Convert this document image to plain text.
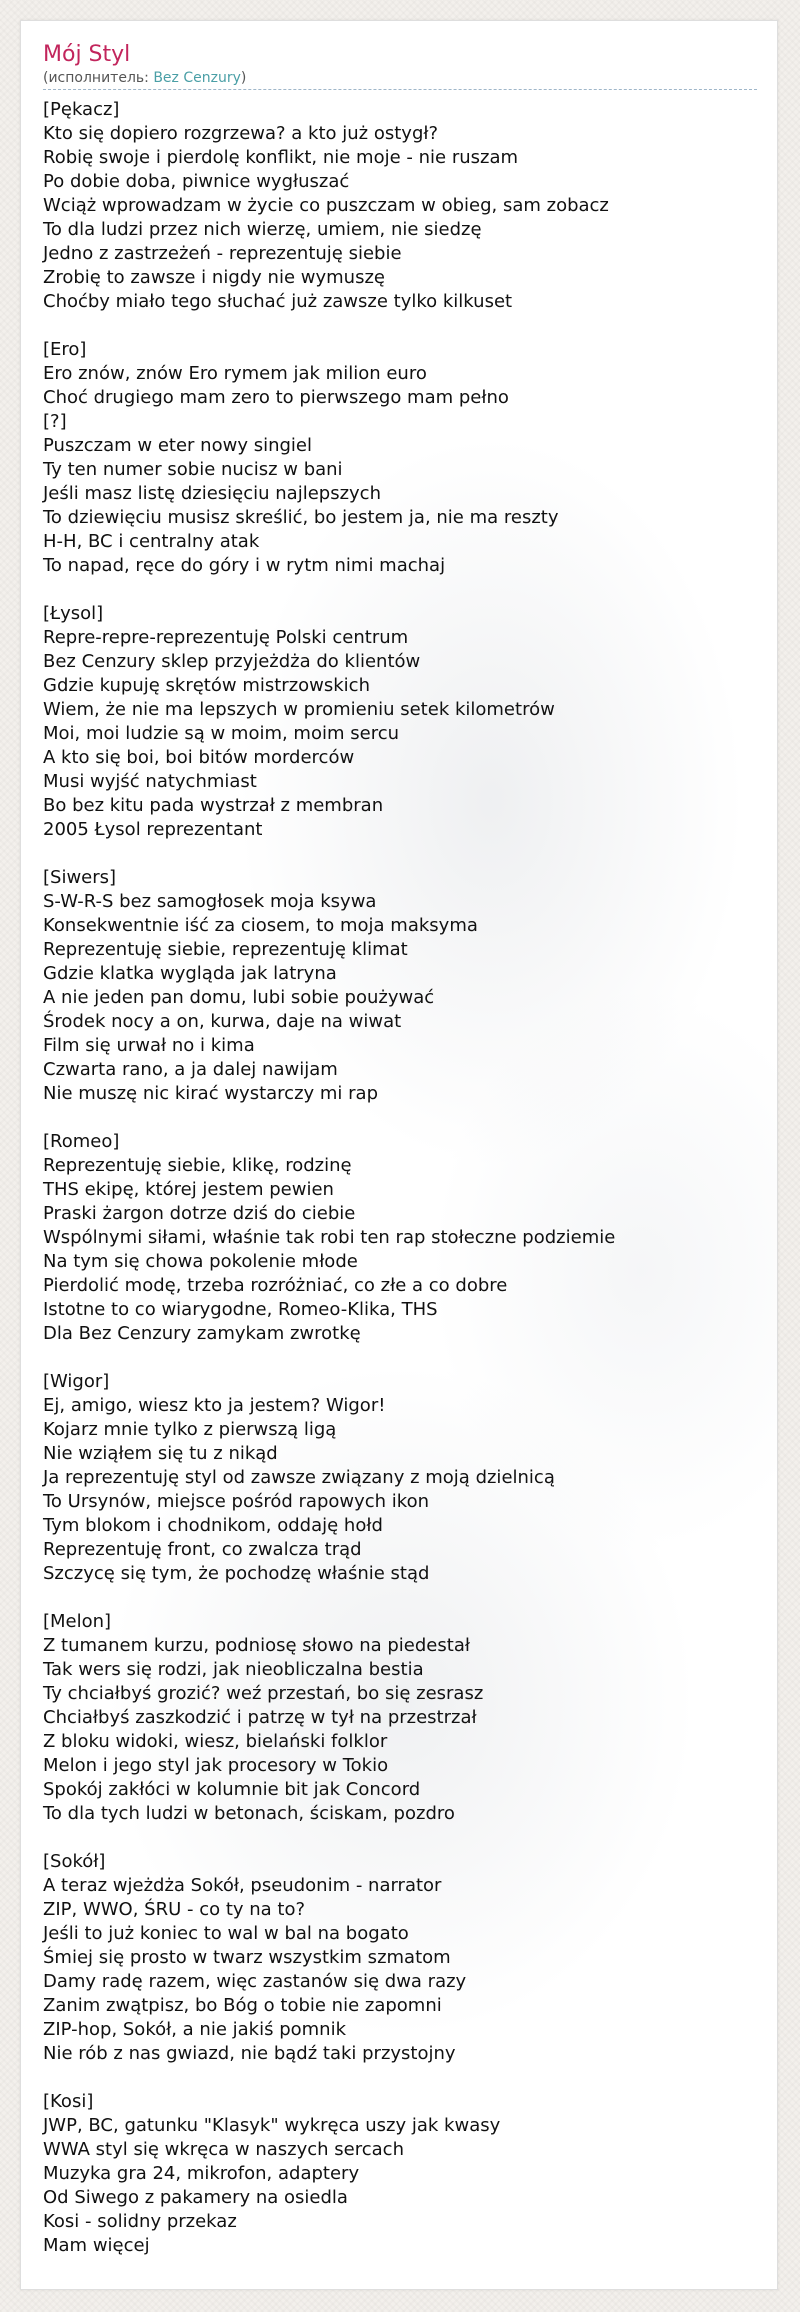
Mój Styl
(исполнитель: Bez Cenzury)
[Pękacz]
Kto się dopiero rozgrzewa? a kto już ostygł?
Robię swoje i pierdolę konflikt, nie moje - nie ruszam
Po dobie doba, piwnice wygłuszać
Wciąż wprowadzam w życie co puszczam w obieg, sam zobacz
To dla ludzi przez nich wierzę, umiem, nie siedzę
Jedno z zastrzeżeń - reprezentuję siebie
Zrobię to zawsze i nigdy nie wymuszę
Choćby miało tego słuchać już zawsze tylko kilkuset
[Ero]
Ero znów, znów Ero rymem jak milion euro
Choć drugiego mam zero to pierwszego mam pełno
[?]
Puszczam w eter nowy singiel
Ty ten numer sobie nucisz w bani
Jeśli masz listę dziesięciu najlepszych
To dziewięciu musisz skreślić, bo jestem ja, nie ma reszty
H-H, BC i centralny atak
To napad, ręce do góry i w rytm nimi machaj
[Łysol]
Repre-repre-reprezentuję Polski centrum
Bez Cenzury sklep przyjeżdża do klientów
Gdzie kupuję skrętów mistrzowskich
Wiem, że nie ma lepszych w promieniu setek kilometrów
Moi, moi ludzie są w moim, moim sercu
A kto się boi, boi bitów morderców
Musi wyjść natychmiast
Bo bez kitu pada wystrzał z membran
2005 Łysol reprezentant
[Siwers]
S-W-R-S bez samogłosek moja ksywa
Konsekwentnie iść za ciosem, to moja maksyma
Reprezentuję siebie, reprezentuję klimat
Gdzie klatka wygląda jak latryna
A nie jeden pan domu, lubi sobie poużywać
Środek nocy a on, kurwa, daje na wiwat
Film się urwał no i kima
Czwarta rano, a ja dalej nawijam
Nie muszę nic kirać wystarczy mi rap
[Romeo]
Reprezentuję siebie, klikę, rodzinę
THS ekipę, której jestem pewien
Praski żargon dotrze dziś do ciebie
Wspólnymi siłami, właśnie tak robi ten rap stołeczne podziemie
Na tym się chowa pokolenie młode
Pierdolić modę, trzeba rozróżniać, co złe a co dobre
Istotne to co wiarygodne, Romeo-Klika, THS
Dla Bez Cenzury zamykam zwrotkę
[Wigor]
Ej, amigo, wiesz kto ja jestem? Wigor!
Kojarz mnie tylko z pierwszą ligą
Nie wziąłem się tu z nikąd
Ja reprezentuję styl od zawsze związany z moją dzielnicą
To Ursynów, miejsce pośród rapowych ikon
Tym blokom i chodnikom, oddaję hołd
Reprezentuję front, co zwalcza trąd
Szczycę się tym, że pochodzę właśnie stąd
[Melon]
Z tumanem kurzu, podniosę słowo na piedestał
Tak wers się rodzi, jak nieobliczalna bestia
Ty chciałbyś grozić? weź przestań, bo się zesrasz
Chciałbyś zaszkodzić i patrzę w tył na przestrzał
Z bloku widoki, wiesz, bielański folklor
Melon i jego styl jak procesory w Tokio
Spokój zakłóci w kolumnie bit jak Concord
To dla tych ludzi w betonach, ściskam, pozdro
[Sokół]
A teraz wjeżdża Sokół, pseudonim - narrator
ZIP, WWO, ŚRU - co ty na to?
Jeśli to już koniec to wal w bal na bogato
Śmiej się prosto w twarz wszystkim szmatom
Damy radę razem, więc zastanów się dwa razy
Zanim zwątpisz, bo Bóg o tobie nie zapomni
ZIP-hop, Sokół, a nie jakiś pomnik
Nie rób z nas gwiazd, nie bądź taki przystojny
[Kosi]
JWP, BC, gatunku "Klasyk" wykręca uszy jak kwasy
WWA styl się wkręca w naszych sercach
Muzyka gra 24, mikrofon, adaptery
Od Siwego z pakamery na osiedla
Kosi - solidny przekaz
Mam więcej
